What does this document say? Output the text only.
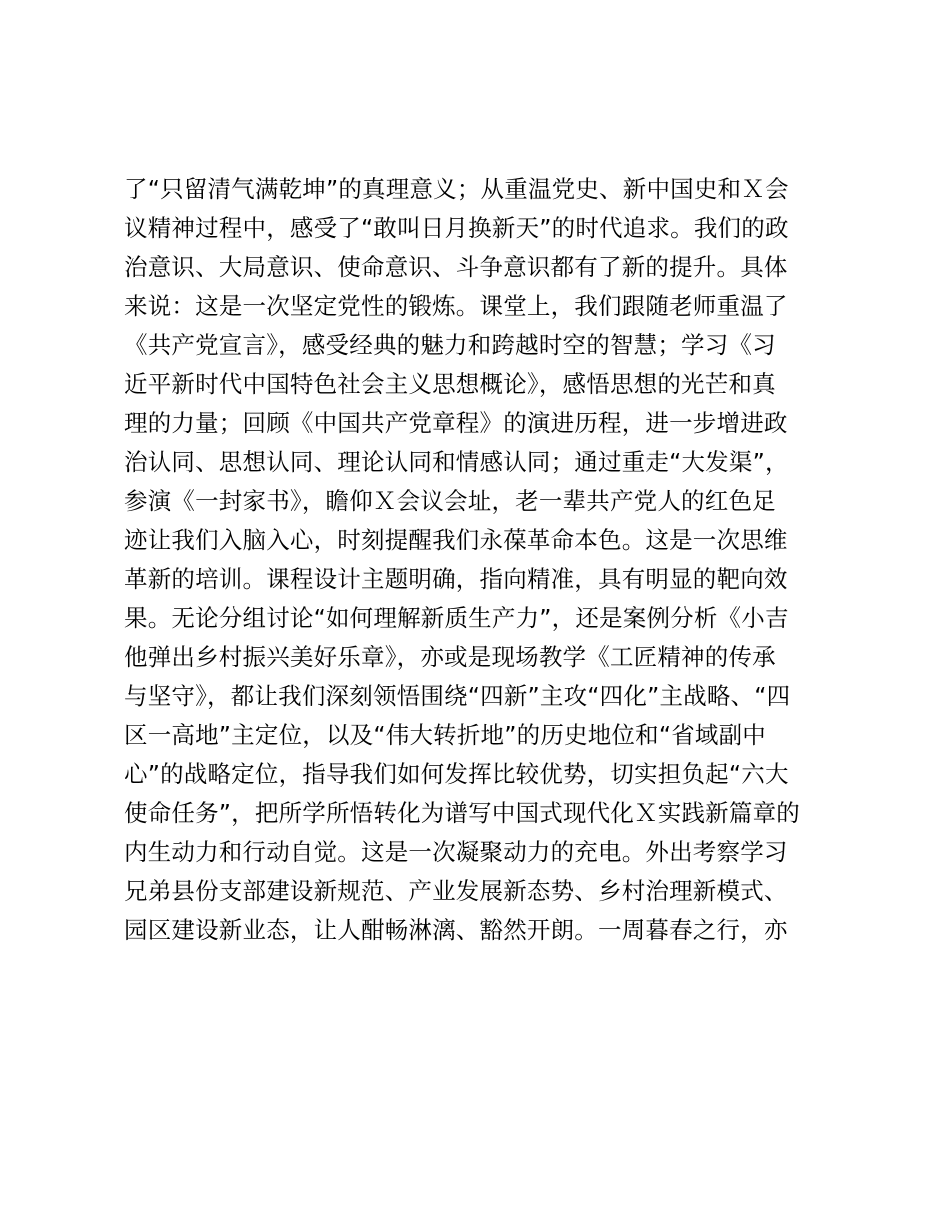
了“只留清气满乾坤”的真理意义；从重温党史、新中国史和Ｘ会
议精神过程中，感受了“敢叫日月换新天”的时代追求。我们的政
治意识、大局意识、使命意识、斗争意识都有了新的提升。具体
来说：这是一次坚定党性的锻炼。课堂上，我们跟随老师重温了
《共产党宣言》，感受经典的魅力和跨越时空的智慧；学习《习
近平新时代中国特色社会主义思想概论》，感悟思想的光芒和真
理的力量；回顾《中国共产党章程》的演进历程，进一步增进政
治认同、思想认同、理论认同和情感认同；通过重走“大发渠”，
参演《一封家书》，瞻仰Ｘ会议会址，老一辈共产党人的红色足
迹让我们入脑入心，时刻提醒我们永葆革命本色。这是一次思维
革新的培训。课程设计主题明确，指向精准，具有明显的靶向效
果。无论分组讨论“如何理解新质生产力”，还是案例分析《小吉
他弹出乡村振兴美好乐章》，亦或是现场教学《工匠精神的传承
与坚守》，都让我们深刻领悟围绕“四新”主攻“四化”主战略、“四
区一高地”主定位，以及“伟大转折地”的历史地位和“省域副中
心”的战略定位，指导我们如何发挥比较优势，切实担负起“六大
使命任务”，把所学所悟转化为谱写中国式现代化Ｘ实践新篇章的
内生动力和行动自觉。这是一次凝聚动力的充电。外出考察学习
兄弟县份支部建设新规范、产业发展新态势、乡村治理新模式、
园区建设新业态，让人酣畅淋漓、豁然开朗。一周暮春之行，亦
